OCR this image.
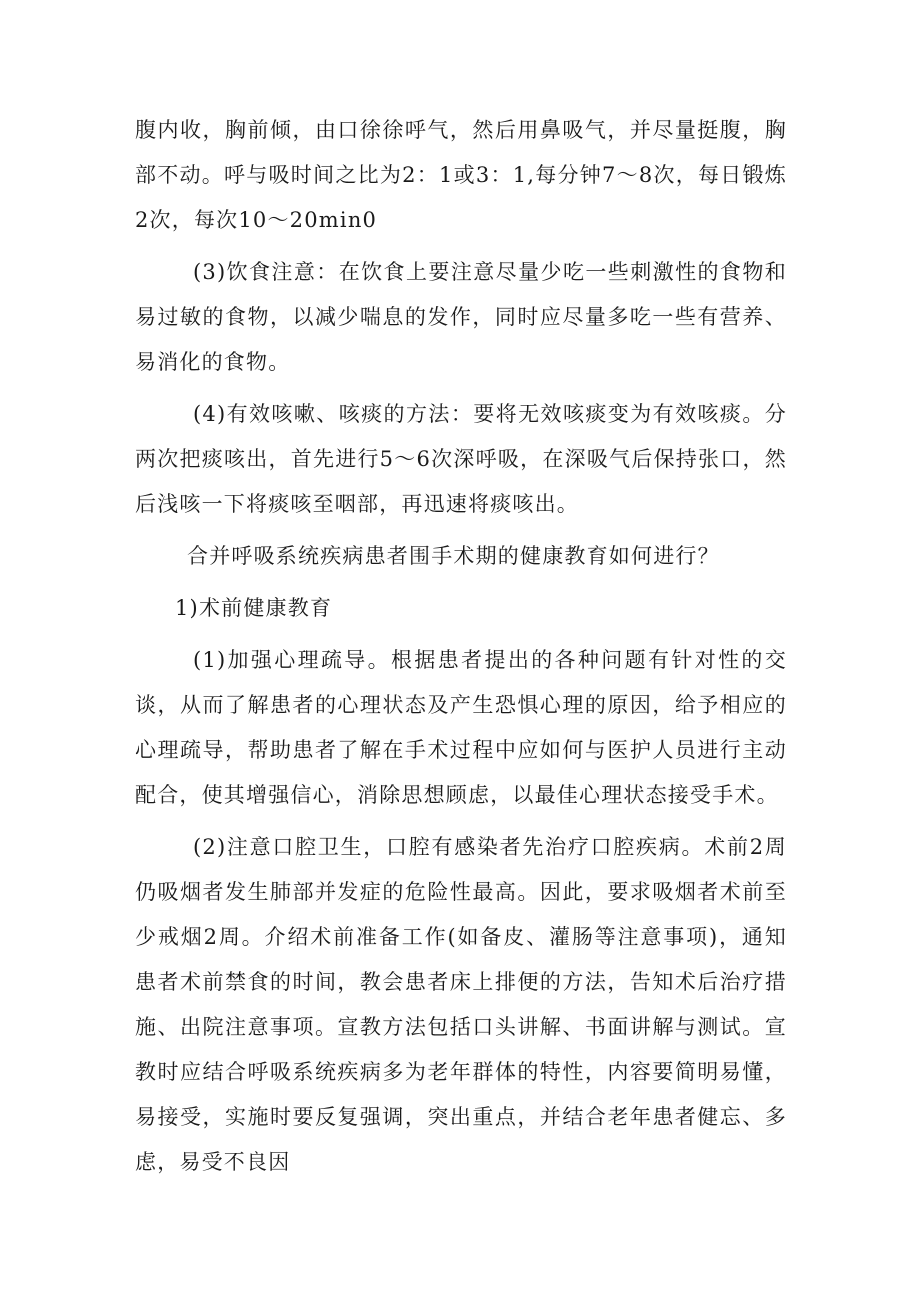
腹内收，胸前倾，由口徐徐呼气，然后用鼻吸气，并尽量挺腹，胸部不动。呼与吸时间之比为2：1或3：1,每分钟7～8次，每日锻炼2次，每次10～20min0

(3)饮食注意：在饮食上要注意尽量少吃一些刺激性的食物和易过敏的食物，以减少喘息的发作，同时应尽量多吃一些有营养、易消化的食物。

(4)有效咳嗽、咳痰的方法：要将无效咳痰变为有效咳痰。分两次把痰咳出，首先进行5～6次深呼吸，在深吸气后保持张口，然后浅咳一下将痰咳至咽部，再迅速将痰咳出。

合并呼吸系统疾病患者围手术期的健康教育如何进行？

1)术前健康教育

(1)加强心理疏导。根据患者提出的各种问题有针对性的交谈，从而了解患者的心理状态及产生恐惧心理的原因，给予相应的心理疏导，帮助患者了解在手术过程中应如何与医护人员进行主动配合，使其增强信心，消除思想顾虑，以最佳心理状态接受手术。

(2)注意口腔卫生，口腔有感染者先治疗口腔疾病。术前2周仍吸烟者发生肺部并发症的危险性最高。因此，要求吸烟者术前至少戒烟2周。介绍术前准备工作(如备皮、灌肠等注意事项)，通知患者术前禁食的时间，教会患者床上排便的方法，告知术后治疗措施、出院注意事项。宣教方法包括口头讲解、书面讲解与测试。宣教时应结合呼吸系统疾病多为老年群体的特性，内容要简明易懂，易接受，实施时要反复强调，突出重点，并结合老年患者健忘、多虑，易受不良因
